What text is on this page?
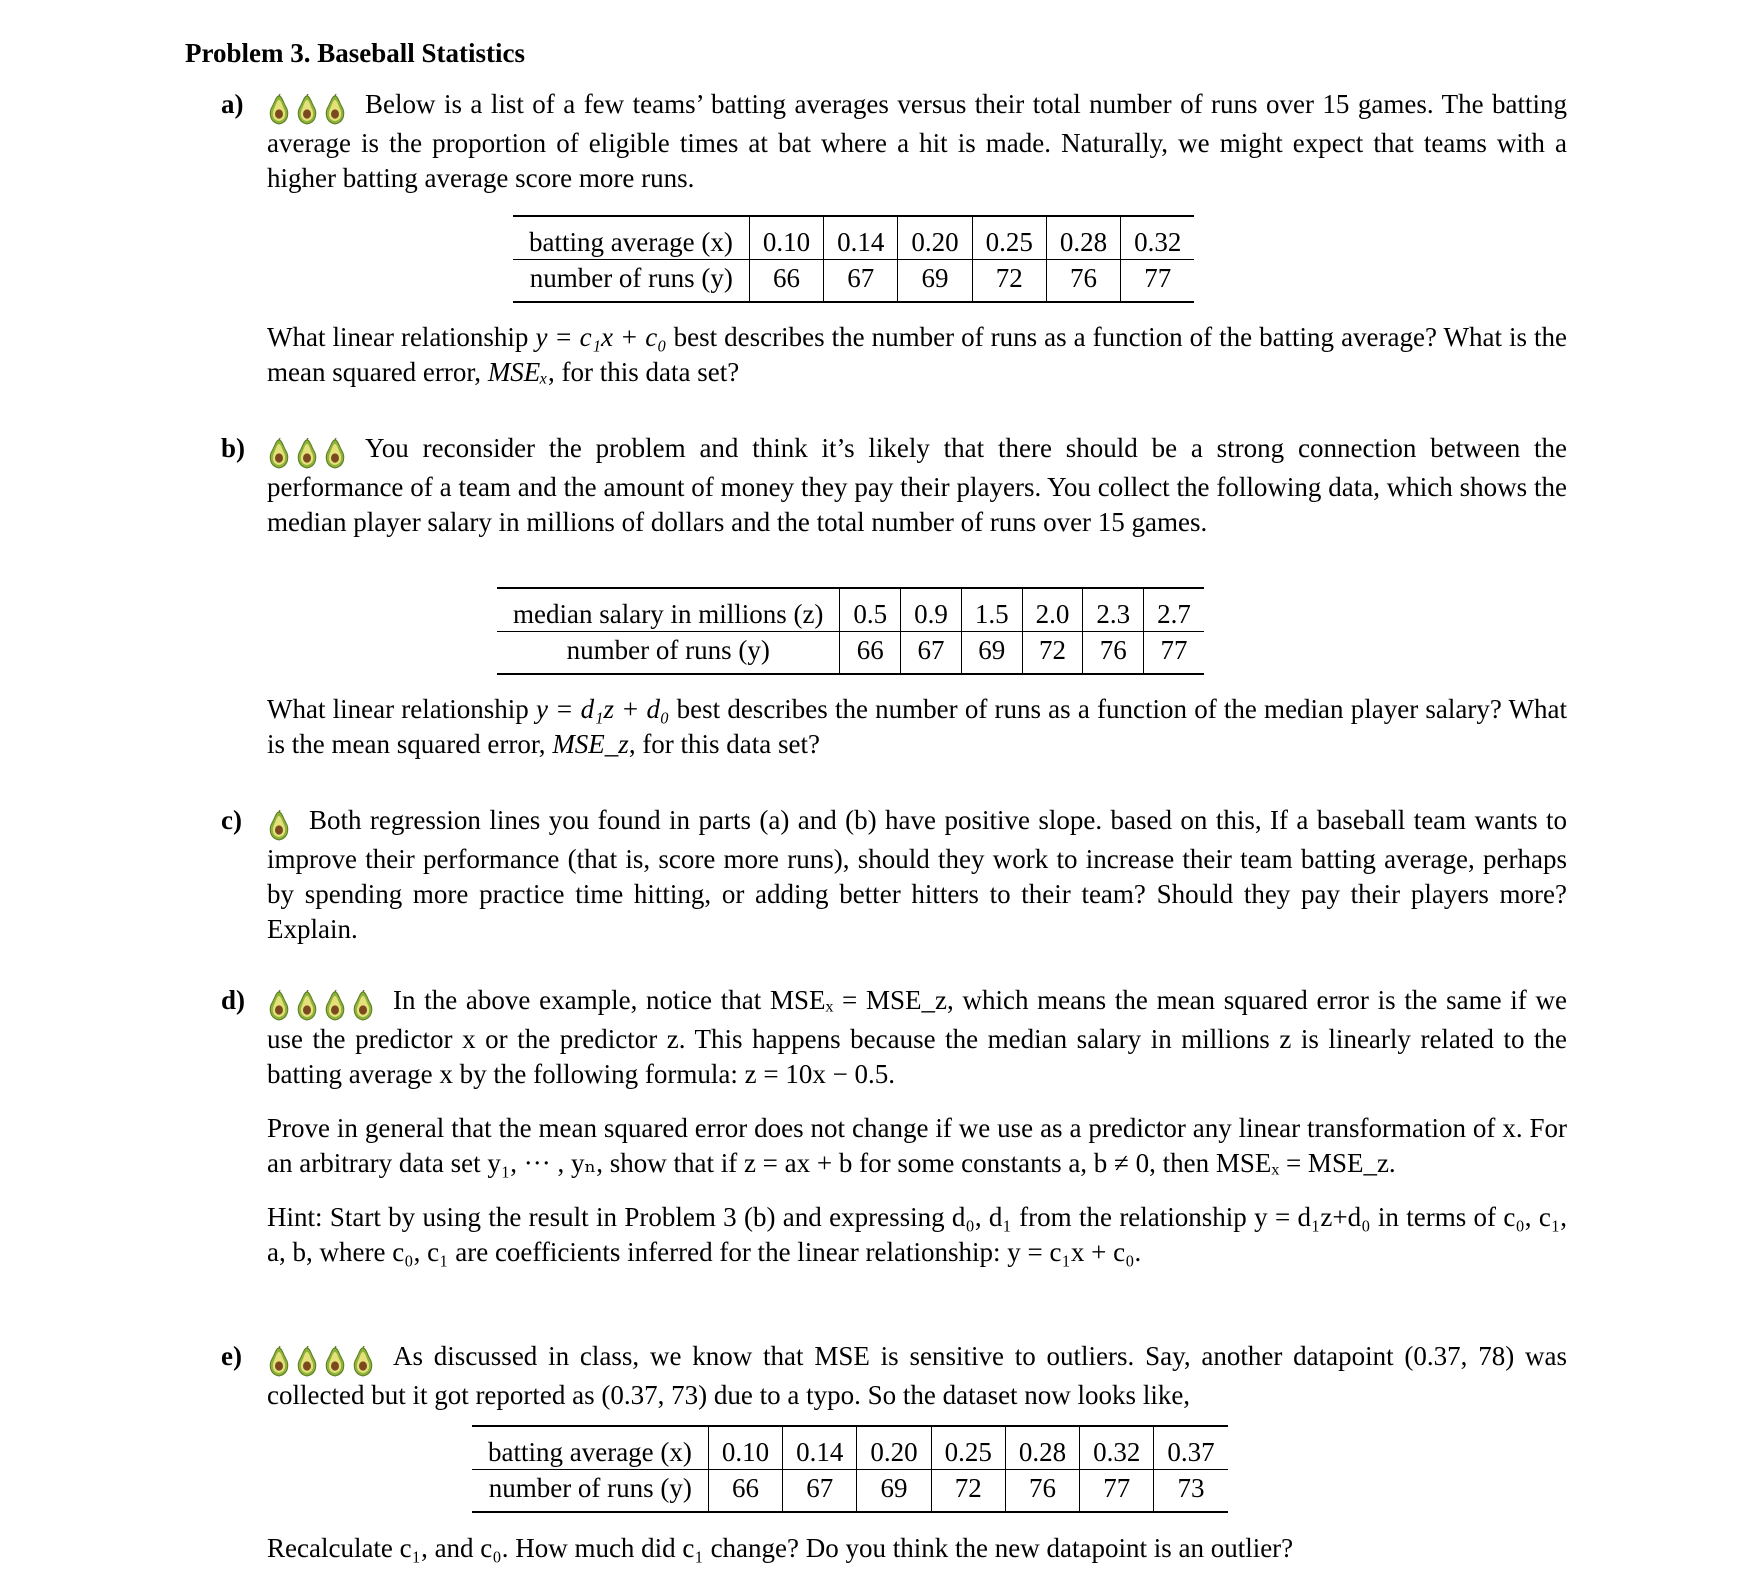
Problem 3. Baseball Statistics
a)	Below is a list of a few teams’ batting averages versus their total number of runs over 15 games. The batting average is the proportion of eligible times at bat where a hit is made. Naturally, we might expect that teams with a higher batting average score more runs.

batting average (x)	0.10	0.14	0.20	0.25	0.28	0.32
number of runs (y)	66	67	69	72	76	77

What linear relationship y = c₁x + c₀ best describes the number of runs as a function of the batting average? What is the mean squared error, MSEₓ, for this data set?

b)	You reconsider the problem and think it’s likely that there should be a strong connection between the performance of a team and the amount of money they pay their players. You collect the following data, which shows the median player salary in millions of dollars and the total number of runs over 15 games.

median salary in millions (z)	0.5	0.9	1.5	2.0	2.3	2.7
number of runs (y)	66	67	69	72	76	77

What linear relationship y = d₁z + d₀ best describes the number of runs as a function of the median player salary? What is the mean squared error, MSE_z, for this data set?

c)	Both regression lines you found in parts (a) and (b) have positive slope. based on this, If a baseball team wants to improve their performance (that is, score more runs), should they work to increase their team batting average, perhaps by spending more practice time hitting, or adding better hitters to their team? Should they pay their players more? Explain.

d)	In the above example, notice that MSEₓ = MSE_z, which means the mean squared error is the same if we use the predictor x or the predictor z. This happens because the median salary in millions z is linearly related to the batting average x by the following formula: z = 10x − 0.5.

Prove in general that the mean squared error does not change if we use as a predictor any linear transformation of x. For an arbitrary data set y₁, ··· , yₙ, show that if z = ax + b for some constants a, b ≠ 0, then MSEₓ = MSE_z.

Hint: Start by using the result in Problem 3 (b) and expressing d₀, d₁ from the relationship y = d₁z+d₀ in terms of c₀, c₁, a, b, where c₀, c₁ are coefficients inferred for the linear relationship: y = c₁x + c₀.

e)	As discussed in class, we know that MSE is sensitive to outliers. Say, another datapoint (0.37, 78) was collected but it got reported as (0.37, 73) due to a typo. So the dataset now looks like,

batting average (x)	0.10	0.14	0.20	0.25	0.28	0.32	0.37
number of runs (y)	66	67	69	72	76	77	73

Recalculate c₁, and c₀. How much did c₁ change? Do you think the new datapoint is an outlier?
